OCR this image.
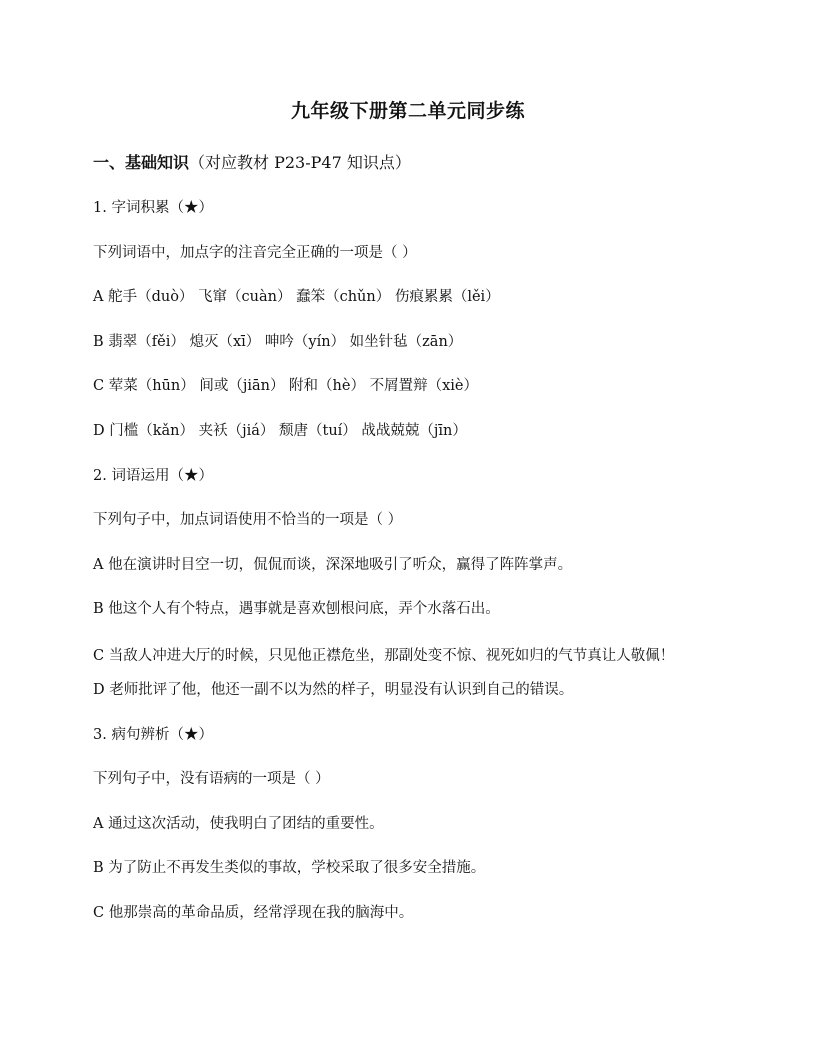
九年级下册第二单元同步练
一、基础知识（对应教材 P23-P47 知识点）
1. 字词积累（★）
下列词语中，加点字的注音完全正确的一项是（ ）
A 舵手（duò） 飞窜（cuàn） 蠢笨（chǔn） 伤痕累累（lěi）
B 翡翠（fěi） 熄灭（xī） 呻吟（yín） 如坐针毡（zān）
C 荤菜（hūn） 间或（jiān） 附和（hè） 不屑置辩（xiè）
D 门槛（kǎn） 夹袄（jiá） 颓唐（tuí） 战战兢兢（jīn）
2. 词语运用（★）
下列句子中，加点词语使用不恰当的一项是（ ）
A 他在演讲时目空一切，侃侃而谈，深深地吸引了听众，赢得了阵阵掌声。
B 他这个人有个特点，遇事就是喜欢刨根问底，弄个水落石出。
C 当敌人冲进大厅的时候，只见他正襟危坐，那副处变不惊、视死如归的气节真让人敬佩！
D 老师批评了他，他还一副不以为然的样子，明显没有认识到自己的错误。
3. 病句辨析（★）
下列句子中，没有语病的一项是（ ）
A 通过这次活动，使我明白了团结的重要性。
B 为了防止不再发生类似的事故，学校采取了很多安全措施。
C 他那崇高的革命品质，经常浮现在我的脑海中。
